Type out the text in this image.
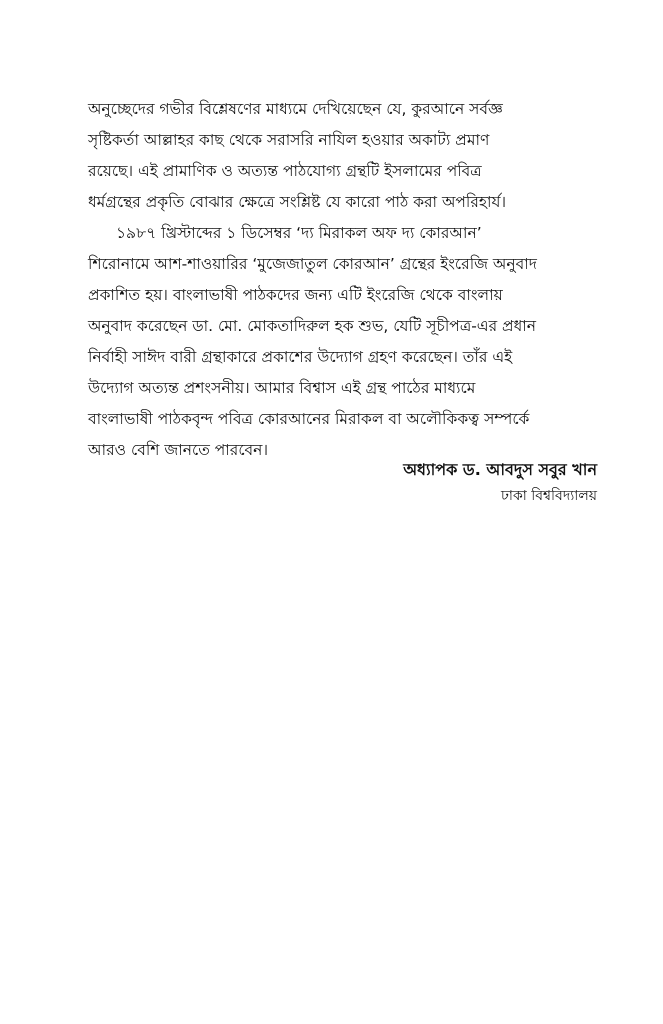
অনুচ্ছেদের গভীর বিশ্লেষণের মাধ্যমে দেখিয়েছেন যে, কুরআনে সর্বজ্ঞ
সৃষ্টিকর্তা আল্লাহর কাছ থেকে সরাসরি নাযিল হওয়ার অকাট্য প্রমাণ
রয়েছে। এই প্রামাণিক ও অত্যন্ত পাঠযোগ্য গ্রন্থটি ইসলামের পবিত্র
ধর্মগ্রন্থের প্রকৃতি বোঝার ক্ষেত্রে সংশ্লিষ্ট যে কারো পাঠ করা অপরিহার্য।
১৯৮৭ খ্রিস্টাব্দের ১ ডিসেম্বর ‘দ্য মিরাকল অফ দ্য কোরআন’
শিরোনামে আশ-শাওয়ারির ‘মুজেজাতুল কোরআন’ গ্রন্থের ইংরেজি অনুবাদ
প্রকাশিত হয়। বাংলাভাষী পাঠকদের জন্য এটি ইংরেজি থেকে বাংলায়
অনুবাদ করেছেন ডা. মো. মোকতাদিরুল হক শুভ, যেটি সূচীপত্র-এর প্রধান
নির্বাহী সাঈদ বারী গ্রন্থাকারে প্রকাশের উদ্যোগ গ্রহণ করেছেন। তাঁর এই
উদ্যোগ অত্যন্ত প্রশংসনীয়। আমার বিশ্বাস এই গ্রন্থ পাঠের মাধ্যমে
বাংলাভাষী পাঠকবৃন্দ পবিত্র কোরআনের মিরাকল বা অলৌকিকত্ব সম্পর্কে
আরও বেশি জানতে পারবেন।
অধ্যাপক ড. আবদুস সবুর খান
ঢাকা বিশ্ববিদ্যালয়
